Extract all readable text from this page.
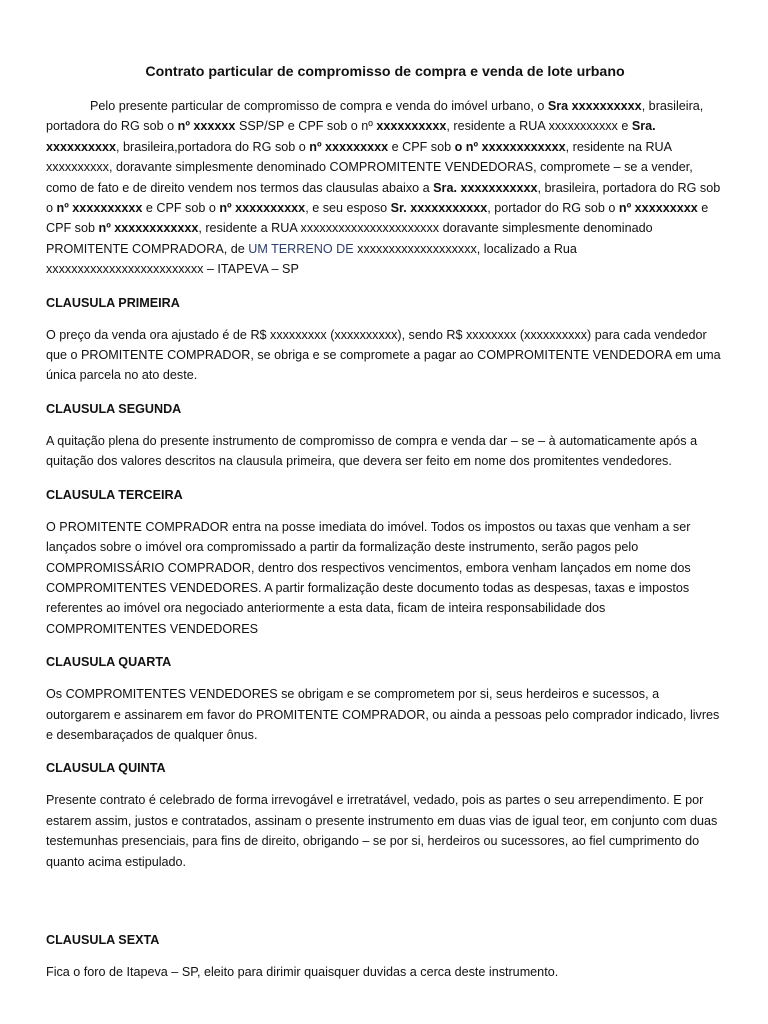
Contrato particular de compromisso de compra e venda de lote urbano

Pelo presente particular de compromisso de compra e venda do imóvel urbano, o Sra xxxxxxxxxx, brasileira, portadora do RG sob o nº xxxxxx SSP/SP e CPF sob o nº xxxxxxxxxx, residente a RUA xxxxxxxxxxx e Sra. xxxxxxxxxx, brasileira,portadora do RG sob o nº xxxxxxxxx e CPF sob o nº xxxxxxxxxxxx, residente na RUA xxxxxxxxxx, doravante simplesmente denominado COMPROMITENTE VENDEDORAS, compromete – se a vender, como de fato e de direito vendem nos termos das clausulas abaixo a Sra. xxxxxxxxxxx, brasileira, portadora do RG sob o nº xxxxxxxxxx e CPF sob o nº xxxxxxxxxx, e seu esposo Sr. xxxxxxxxxxx, portador do RG sob o nº xxxxxxxxx e CPF sob nº xxxxxxxxxxxx, residente a RUA xxxxxxxxxxxxxxxxxxxxxx doravante simplesmente denominado PROMITENTE COMPRADORA, de UM TERRENO DE xxxxxxxxxxxxxxxxxxx, localizado a Rua xxxxxxxxxxxxxxxxxxxxxxxxx – ITAPEVA – SP

CLAUSULA PRIMEIRA

O preço da venda ora ajustado é de R$ xxxxxxxxx (xxxxxxxxxx), sendo R$ xxxxxxxx (xxxxxxxxxx) para cada vendedor que o PROMITENTE COMPRADOR, se obriga e se compromete a pagar ao COMPROMITENTE VENDEDORA em uma única parcela no ato deste.

CLAUSULA SEGUNDA

A quitação plena do presente instrumento de compromisso de compra e venda dar – se – à automaticamente após a quitação dos valores descritos na clausula primeira, que devera ser feito em nome dos promitentes vendedores.

CLAUSULA TERCEIRA

O PROMITENTE COMPRADOR entra na posse imediata do imóvel. Todos os impostos ou taxas que venham a ser lançados sobre o imóvel ora compromissado a partir da formalização deste instrumento, serão pagos pelo COMPROMISSÁRIO COMPRADOR, dentro dos respectivos vencimentos, embora venham lançados em nome dos COMPROMITENTES VENDEDORES. A partir formalização deste documento todas as despesas, taxas e impostos referentes ao imóvel ora negociado anteriormente a esta data, ficam de inteira responsabilidade dos COMPROMITENTES VENDEDORES

CLAUSULA QUARTA

Os COMPROMITENTES VENDEDORES se obrigam e se comprometem por si, seus herdeiros e sucessos, a outorgarem e assinarem em favor do PROMITENTE COMPRADOR, ou ainda a pessoas pelo comprador indicado, livres e desembaraçados de qualquer ônus.

CLAUSULA QUINTA

Presente contrato é celebrado de forma irrevogável e irretratável, vedado, pois as partes o seu arrependimento. E por estarem assim, justos e contratados, assinam o presente instrumento em duas vias de igual teor, em conjunto com duas testemunhas presenciais, para fins de direito, obrigando – se por si, herdeiros ou sucessores, ao fiel cumprimento do quanto acima estipulado.

CLAUSULA SEXTA

Fica o foro de Itapeva – SP, eleito para dirimir quaisquer duvidas a cerca deste instrumento.
